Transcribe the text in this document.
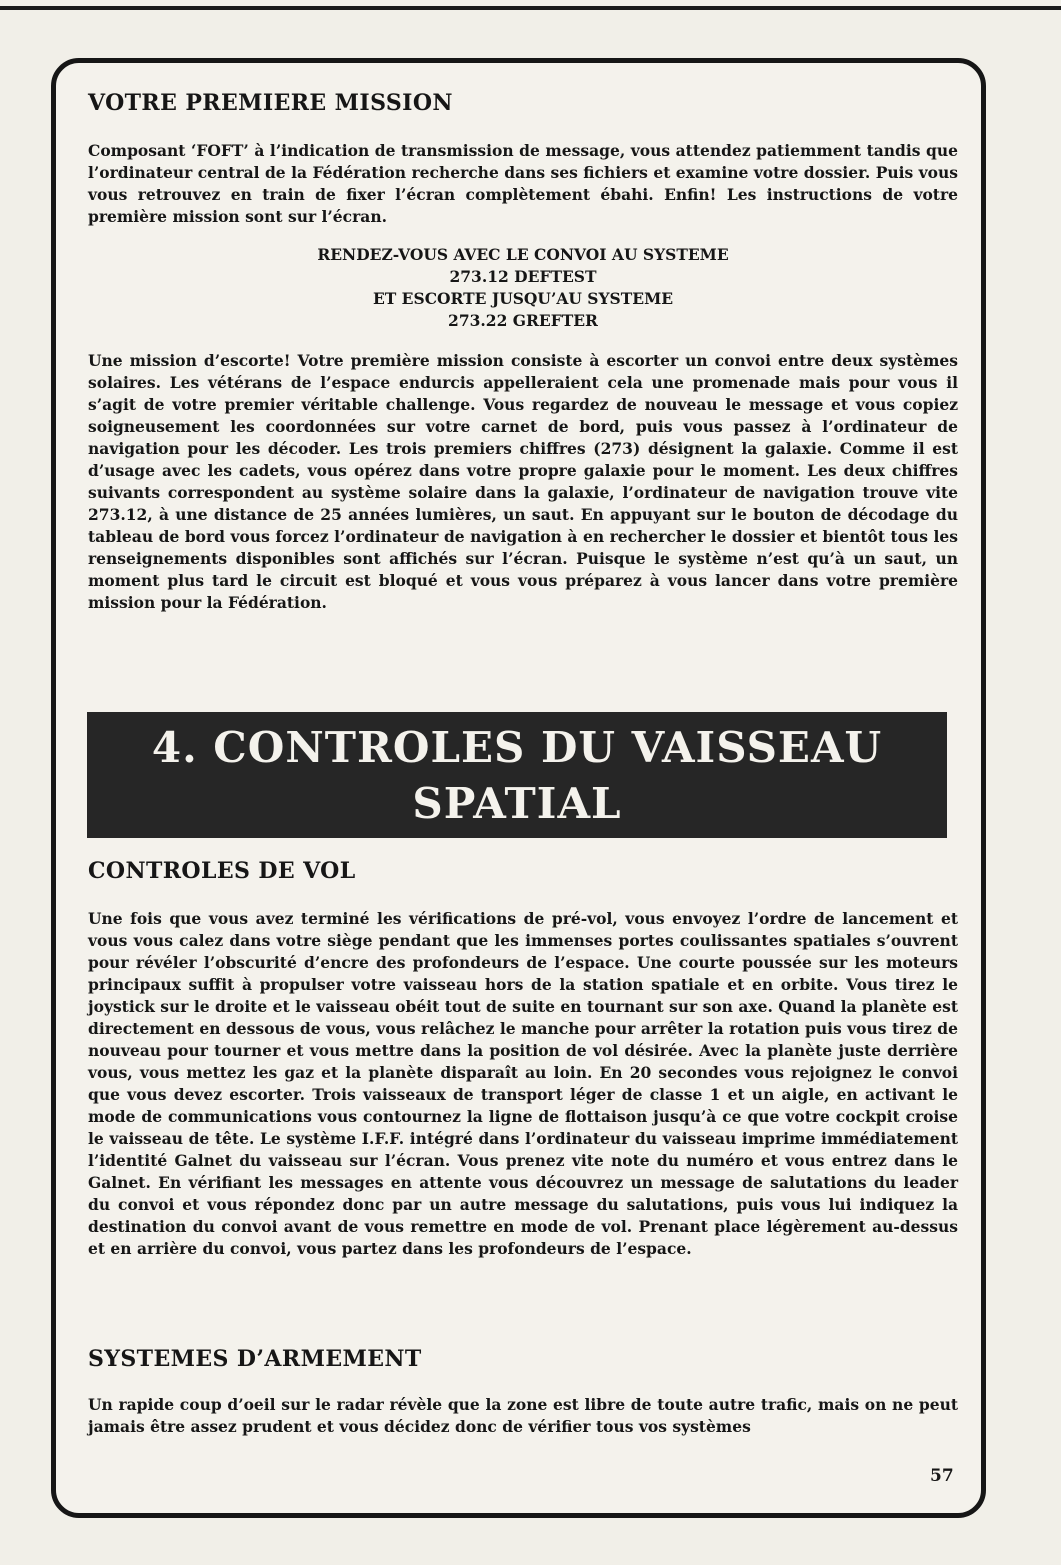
VOTRE PREMIERE MISSION

Composant ‘FOFT’ à l’indication de transmission de message, vous attendez patiemment tandis que l’ordinateur central de la Fédération recherche dans ses fichiers et examine votre dossier. Puis vous vous retrouvez en train de fixer l’écran complètement ébahi. Enfin! Les instructions de votre première mission sont sur l’écran.

RENDEZ-VOUS AVEC LE CONVOI AU SYSTEME
273.12 DEFTEST
ET ESCORTE JUSQU’AU SYSTEME
273.22 GREFTER

Une mission d’escorte! Votre première mission consiste à escorter un convoi entre deux systèmes solaires. Les vétérans de l’espace endurcis appelleraient cela une promenade mais pour vous il s’agit de votre premier véritable challenge. Vous regardez de nouveau le message et vous copiez soigneusement les coordonnées sur votre carnet de bord, puis vous passez à l’ordinateur de navigation pour les décoder. Les trois premiers chiffres (273) désignent la galaxie. Comme il est d’usage avec les cadets, vous opérez dans votre propre galaxie pour le moment. Les deux chiffres suivants correspondent au système solaire dans la galaxie, l’ordinateur de navigation trouve vite 273.12, à une distance de 25 années lumières, un saut. En appuyant sur le bouton de décodage du tableau de bord vous forcez l’ordinateur de navigation à en rechercher le dossier et bientôt tous les renseignements disponibles sont affichés sur l’écran. Puisque le système n’est qu’à un saut, un moment plus tard le circuit est bloqué et vous vous préparez à vous lancer dans votre première mission pour la Fédération.

4. CONTROLES DU VAISSEAU
SPATIAL
CONTROLES DE VOL

Une fois que vous avez terminé les vérifications de pré-vol, vous envoyez l’ordre de lancement et vous vous calez dans votre siège pendant que les immenses portes coulissantes spatiales s’ouvrent pour révéler l’obscurité d’encre des profondeurs de l’espace. Une courte poussée sur les moteurs principaux suffit à propulser votre vaisseau hors de la station spatiale et en orbite. Vous tirez le joystick sur le droite et le vaisseau obéit tout de suite en tournant sur son axe. Quand la planète est directement en dessous de vous, vous relâchez le manche pour arrêter la rotation puis vous tirez de nouveau pour tourner et vous mettre dans la position de vol désirée. Avec la planète juste derrière vous, vous mettez les gaz et la planète disparaît au loin. En 20 secondes vous rejoignez le convoi que vous devez escorter. Trois vaisseaux de transport léger de classe 1 et un aigle, en activant le mode de communications vous contournez la ligne de flottaison jusqu’à ce que votre cockpit croise le vaisseau de tête. Le système I.F.F. intégré dans l’ordinateur du vaisseau imprime immédiatement l’identité Galnet du vaisseau sur l’écran. Vous prenez vite note du numéro et vous entrez dans le Galnet. En vérifiant les messages en attente vous découvrez un message de salutations du leader du convoi et vous répondez donc par un autre message du salutations, puis vous lui indiquez la destination du convoi avant de vous remettre en mode de vol. Prenant place légèrement au-dessus et en arrière du convoi, vous partez dans les profondeurs de l’espace.

SYSTEMES D’ARMEMENT

Un rapide coup d’oeil sur le radar révèle que la zone est libre de toute autre trafic, mais on ne peut jamais être assez prudent et vous décidez donc de vérifier tous vos systèmes

57
